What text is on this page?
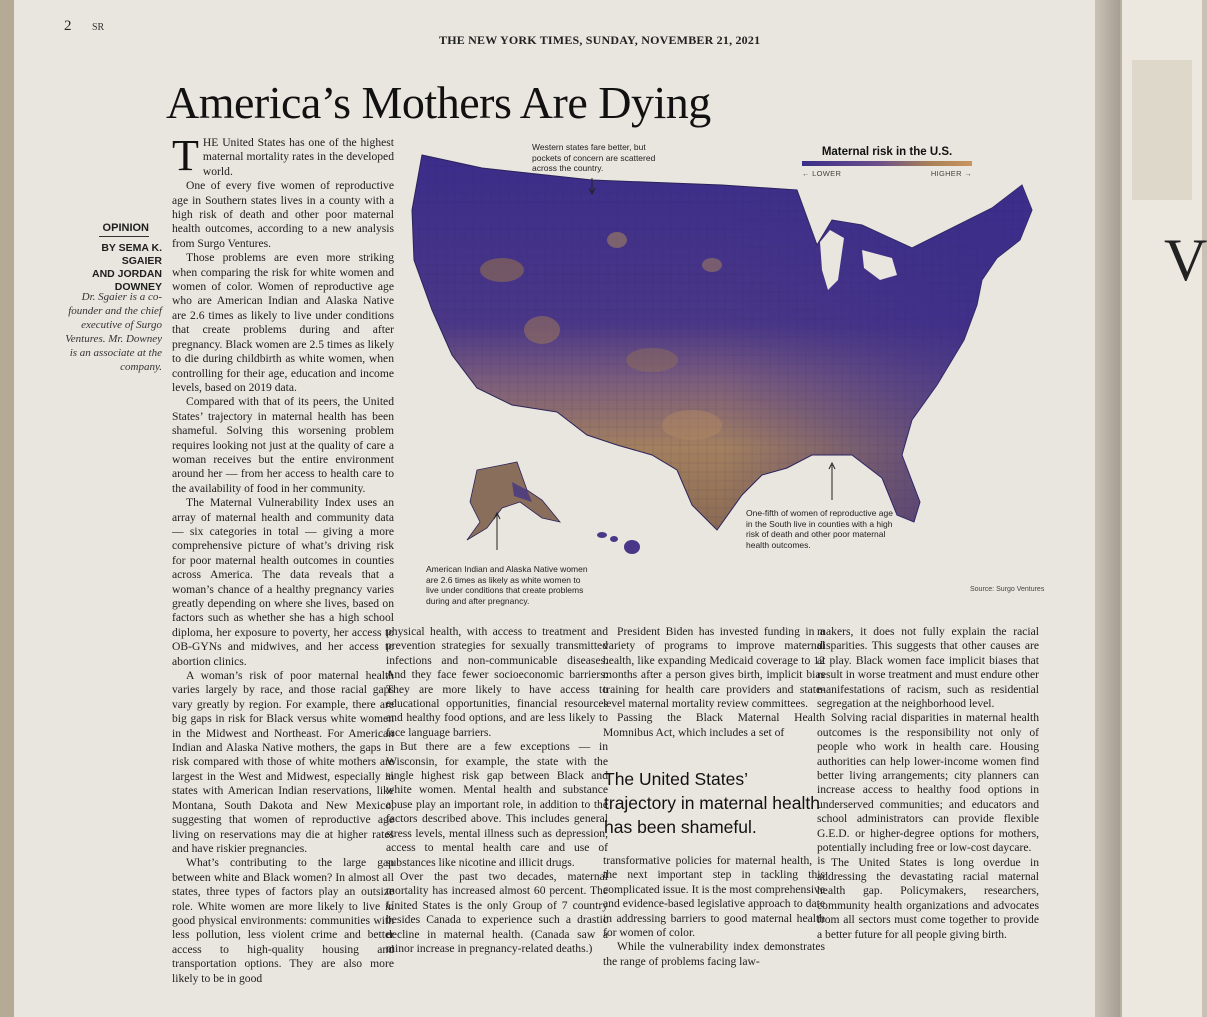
2 SR
THE NEW YORK TIMES, SUNDAY, NOVEMBER 21, 2021
America’s Mothers Are Dying
OPINION
BY SEMA K.
SGAIER
AND JORDAN
DOWNEY
Dr. Sgaier is a co-founder and the chief executive of Surgo Ventures. Mr. Downey is an associate at the company.

THE United States has one of the highest maternal mortality rates in the developed world.

One of every five women of reproductive age in Southern states lives in a county with a high risk of death and other poor maternal health outcomes, according to a new analysis from Surgo Ventures.

Those problems are even more striking when comparing the risk for white women and women of color. Women of reproductive age who are American Indian and Alaska Native are 2.6 times as likely to live under conditions that create problems during and after pregnancy. Black women are 2.5 times as likely to die during childbirth as white women, when controlling for their age, education and income levels, based on 2019 data.

Compared with that of its peers, the United States’ trajectory in maternal health has been shameful. Solving this worsening problem requires looking not just at the quality of care a woman receives but the entire environment around her — from her access to health care to the availability of food in her community.

The Maternal Vulnerability Index uses an array of maternal health and community data — six categories in total — giving a more comprehensive picture of what’s driving risk for poor maternal health outcomes in counties across America. The data reveals that a woman’s chance of a healthy pregnancy varies greatly depending on where she lives, based on factors such as whether she has a high school diploma, her exposure to poverty, her access to OB-GYNs and midwives, and her access to abortion clinics.

A woman’s risk of poor maternal health varies largely by race, and those racial gaps vary greatly by region. For example, there are big gaps in risk for Black versus white women in the Midwest and Northeast. For American Indian and Alaska Native mothers, the gaps in risk compared with those of white mothers are largest in the West and Midwest, especially in states with American Indian reservations, like Montana, South Dakota and New Mexico, suggesting that women of reproductive age living on reservations may die at higher rates and have riskier pregnancies.

What’s contributing to the large gap between white and Black women? In almost all states, three types of factors play an outsize role. White women are more likely to live in good physical environments: communities with less pollution, less violent crime and better access to high-quality housing and transportation options. They are also more likely to be in good

physical health, with access to treatment and prevention strategies for sexually transmitted infections and non-communicable diseases. And they face fewer socioeconomic barriers: They are more likely to have access to educational opportunities, financial resources and healthy food options, and are less likely to face language barriers.

But there are a few exceptions — in Wisconsin, for example, the state with the single highest risk gap between Black and white women. Mental health and substance abuse play an important role, in addition to the factors described above. This includes general stress levels, mental illness such as depression, access to mental health care and use of substances like nicotine and illicit drugs.

Over the past two decades, maternal mortality has increased almost 60 percent. The United States is the only Group of 7 country besides Canada to experience such a drastic decline in maternal health. (Canada saw a minor increase in pregnancy-related deaths.)

President Biden has invested funding in a variety of programs to improve maternal health, like expanding Medicaid coverage to 12 months after a person gives birth, implicit bias training for health care providers and state-level maternal mortality review committees.

Passing the Black Maternal Health Momnibus Act, which includes a set of

The United States’ trajectory in maternal health has been shameful.

transformative policies for maternal health, is the next important step in tackling this complicated issue. It is the most comprehensive and evidence-based legislative approach to date in addressing barriers to good maternal health for women of color.

While the vulnerability index demonstrates the range of problems facing law-

makers, it does not fully explain the racial disparities. This suggests that other causes are at play. Black women face implicit biases that result in worse treatment and must endure other manifestations of racism, such as residential segregation at the neighborhood level.

Solving racial disparities in maternal health outcomes is the responsibility not only of people who work in health care. Housing authorities can help lower-income women find better living arrangements; city planners can increase access to healthy food options in underserved communities; and educators and school administrators can provide flexible G.E.D. or higher-degree options for mothers, potentially including free or low-cost daycare.

The United States is long overdue in addressing the devastating racial maternal health gap. Policymakers, researchers, community health organizations and advocates from all sectors must come together to provide a better future for all people giving birth.

Western states fare better, but pockets of concern are scattered across the country.
One-fifth of women of reproductive age in the South live in counties with a high risk of death and other poor maternal health outcomes.
American Indian and Alaska Native women are 2.6 times as likely as white women to live under conditions that create problems during and after pregnancy.
Maternal risk in the U.S.
← LOWER	HIGHER →
Source: Surgo Ventures
V
